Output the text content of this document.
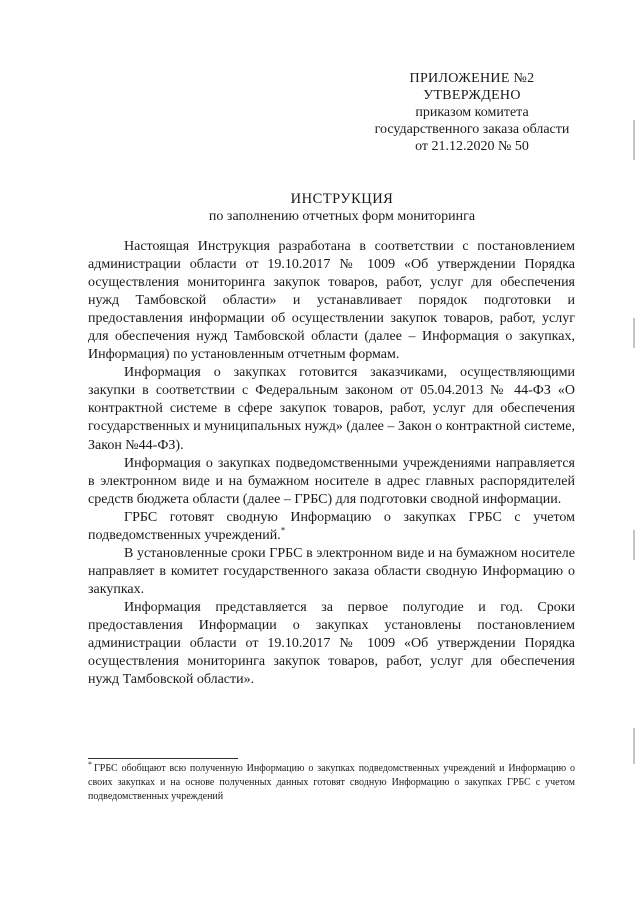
ПРИЛОЖЕНИЕ №2
УТВЕРЖДЕНО
приказом комитета
государственного заказа области
от 21.12.2020 № 50
ИНСТРУКЦИЯ
по заполнению отчетных форм мониторинга

Настоящая Инструкция разработана в соответствии с постановлением администрации области от 19.10.2017 № 1009 «Об утверждении Порядка осуществления мониторинга закупок товаров, работ, услуг для обеспечения нужд Тамбовской области» и устанавливает порядок подготовки и предоставления информации об осуществлении закупок товаров, работ, услуг для обеспечения нужд Тамбовской области (далее – Информация о закупках, Информация) по установленным отчетным формам.

Информация о закупках готовится заказчиками, осуществляющими закупки в соответствии с Федеральным законом от 05.04.2013 № 44-ФЗ «О контрактной системе в сфере закупок товаров, работ, услуг для обеспечения государственных и муниципальных нужд» (далее – Закон о контрактной системе, Закон №44-ФЗ).

Информация о закупках подведомственными учреждениями направляется в электронном виде и на бумажном носителе в адрес главных распорядителей средств бюджета области (далее – ГРБС) для подготовки сводной информации.

ГРБС готовят сводную Информацию о закупках ГРБС с учетом подведомственных учреждений.*

В установленные сроки ГРБС в электронном виде и на бумажном носителе направляет в комитет государственного заказа области сводную Информацию о закупках.

Информация представляется за первое полугодие и год. Сроки предоставления Информации о закупках установлены постановлением администрации области от 19.10.2017 № 1009 «Об утверждении Порядка осуществления мониторинга закупок товаров, работ, услуг для обеспечения нужд Тамбовской области».

* ГРБС обобщают всю полученную Информацию о закупках подведомственных учреждений и Информацию о своих закупках и на основе полученных данных готовят сводную Информацию о закупках ГРБС с учетом подведомственных учреждений
